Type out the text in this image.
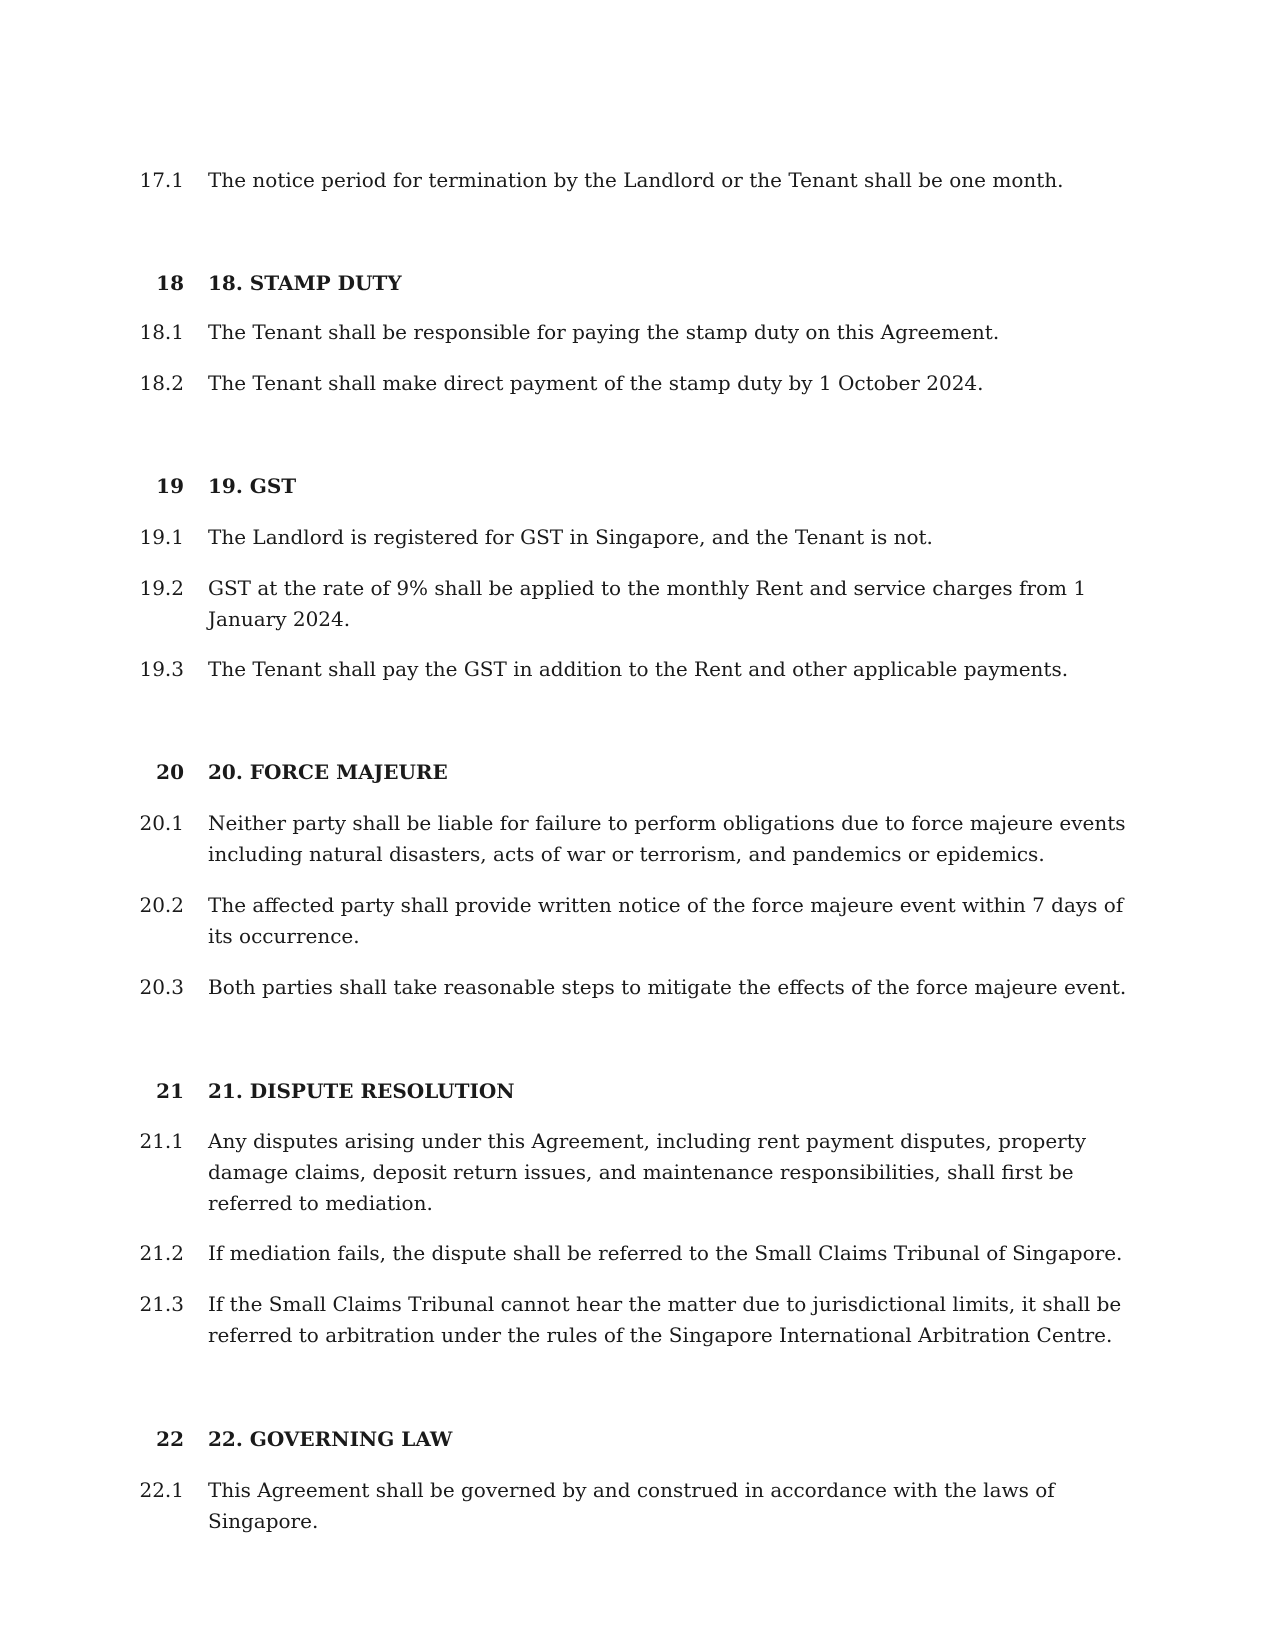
17.1 The notice period for termination by the Landlord or the Tenant shall be one month.
18 18. STAMP DUTY
18.1 The Tenant shall be responsible for paying the stamp duty on this Agreement.
18.2 The Tenant shall make direct payment of the stamp duty by 1 October 2024.
19 19. GST
19.1 The Landlord is registered for GST in Singapore, and the Tenant is not.
19.2 GST at the rate of 9% shall be applied to the monthly Rent and service charges from 1 January 2024.
19.3 The Tenant shall pay the GST in addition to the Rent and other applicable payments.
20 20. FORCE MAJEURE
20.1 Neither party shall be liable for failure to perform obligations due to force majeure events including natural disasters, acts of war or terrorism, and pandemics or epidemics.
20.2 The affected party shall provide written notice of the force majeure event within 7 days of its occurrence.
20.3 Both parties shall take reasonable steps to mitigate the effects of the force majeure event.
21 21. DISPUTE RESOLUTION
21.1 Any disputes arising under this Agreement, including rent payment disputes, property damage claims, deposit return issues, and maintenance responsibilities, shall first be referred to mediation.
21.2 If mediation fails, the dispute shall be referred to the Small Claims Tribunal of Singapore.
21.3 If the Small Claims Tribunal cannot hear the matter due to jurisdictional limits, it shall be referred to arbitration under the rules of the Singapore International Arbitration Centre.
22 22. GOVERNING LAW
22.1 This Agreement shall be governed by and construed in accordance with the laws of Singapore.
